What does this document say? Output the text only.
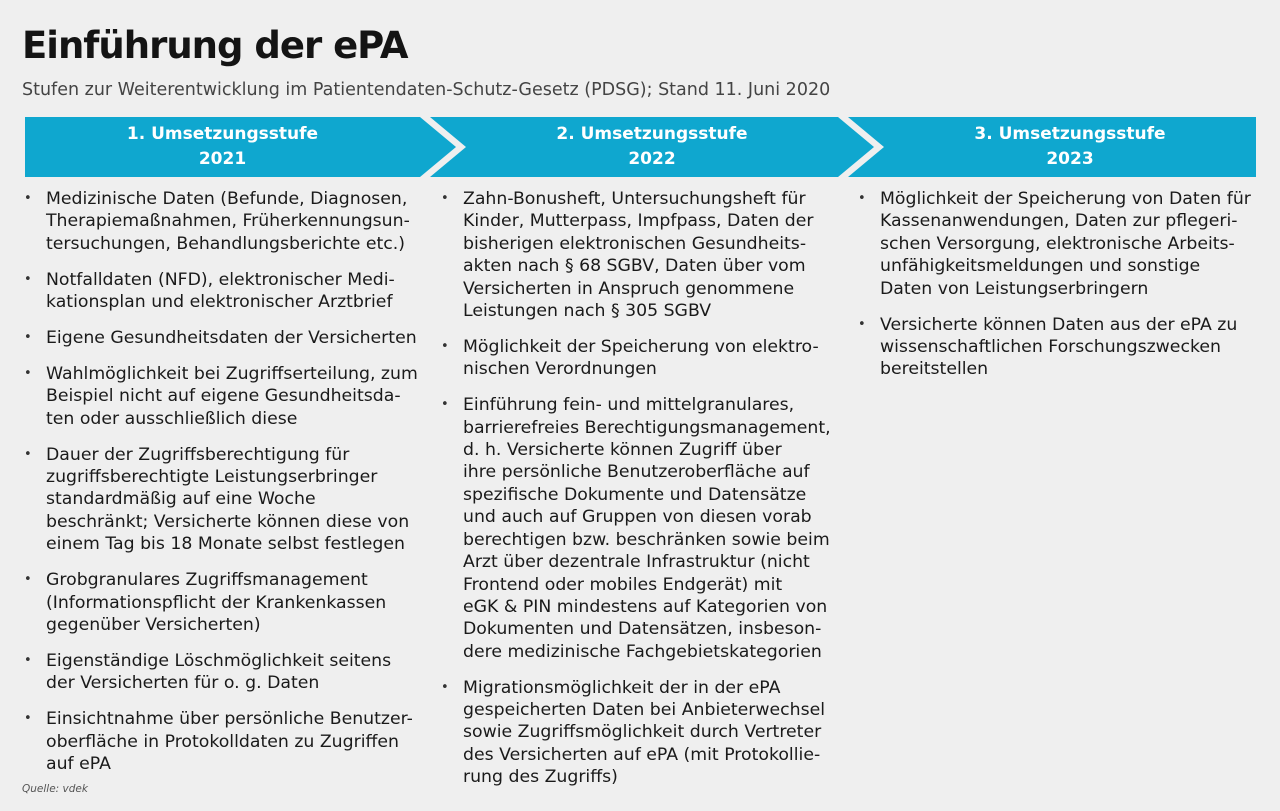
Einführung der ePA

Stufen zur Weiterentwicklung im Patientendaten-Schutz-Gesetz (PDSG); Stand 11. Juni 2020

1. Umsetzungsstufe
2021
2. Umsetzungsstufe
2022
3. Umsetzungsstufe
2023
• Medizinische Daten (Befunde, Diagnosen,
Therapiemaßnahmen, Früherkennungsun-
tersuchungen, Behandlungsberichte etc.)
• Notfalldaten (NFD), elektronischer Medi-
kationsplan und elektronischer Arztbrief
• Eigene Gesundheitsdaten der Versicherten
• Wahlmöglichkeit bei Zugriffserteilung, zum
Beispiel nicht auf eigene Gesundheitsda-
ten oder ausschließlich diese
• Dauer der Zugriffsberechtigung für
zugriffsberechtigte Leistungserbringer
standardmäßig auf eine Woche
beschränkt; Versicherte können diese von
einem Tag bis 18 Monate selbst festlegen
• Grobgranulares Zugriffsmanagement
(Informationspflicht der Krankenkassen
gegenüber Versicherten)
• Eigenständige Löschmöglichkeit seitens
der Versicherten für o. g. Daten
• Einsichtnahme über persönliche Benutzer-
oberfläche in Protokolldaten zu Zugriffen
auf ePA
• Zahn-Bonusheft, Untersuchungsheft für
Kinder, Mutterpass, Impfpass, Daten der
bisherigen elektronischen Gesundheits-
akten nach § 68 SGBV, Daten über vom
Versicherten in Anspruch genommene
Leistungen nach § 305 SGBV
• Möglichkeit der Speicherung von elektro-
nischen Verordnungen
• Einführung fein- und mittelgranulares,
barrierefreies Berechtigungsmanagement,
d. h. Versicherte können Zugriff über
ihre persönliche Benutzeroberfläche auf
spezifische Dokumente und Datensätze
und auch auf Gruppen von diesen vorab
berechtigen bzw. beschränken sowie beim
Arzt über dezentrale Infrastruktur (nicht
Frontend oder mobiles Endgerät) mit
eGK & PIN mindestens auf Kategorien von
Dokumenten und Datensätzen, insbeson-
dere medizinische Fachgebietskategorien
• Migrationsmöglichkeit der in der ePA
gespeicherten Daten bei Anbieterwechsel
sowie Zugriffsmöglichkeit durch Vertreter
des Versicherten auf ePA (mit Protokollie-
rung des Zugriffs)
• Möglichkeit der Speicherung von Daten für
Kassenanwendungen, Daten zur pflegeri-
schen Versorgung, elektronische Arbeits-
unfähigkeitsmeldungen und sonstige
Daten von Leistungserbringern
• Versicherte können Daten aus der ePA zu
wissenschaftlichen Forschungszwecken
bereitstellen
Quelle: vdek
